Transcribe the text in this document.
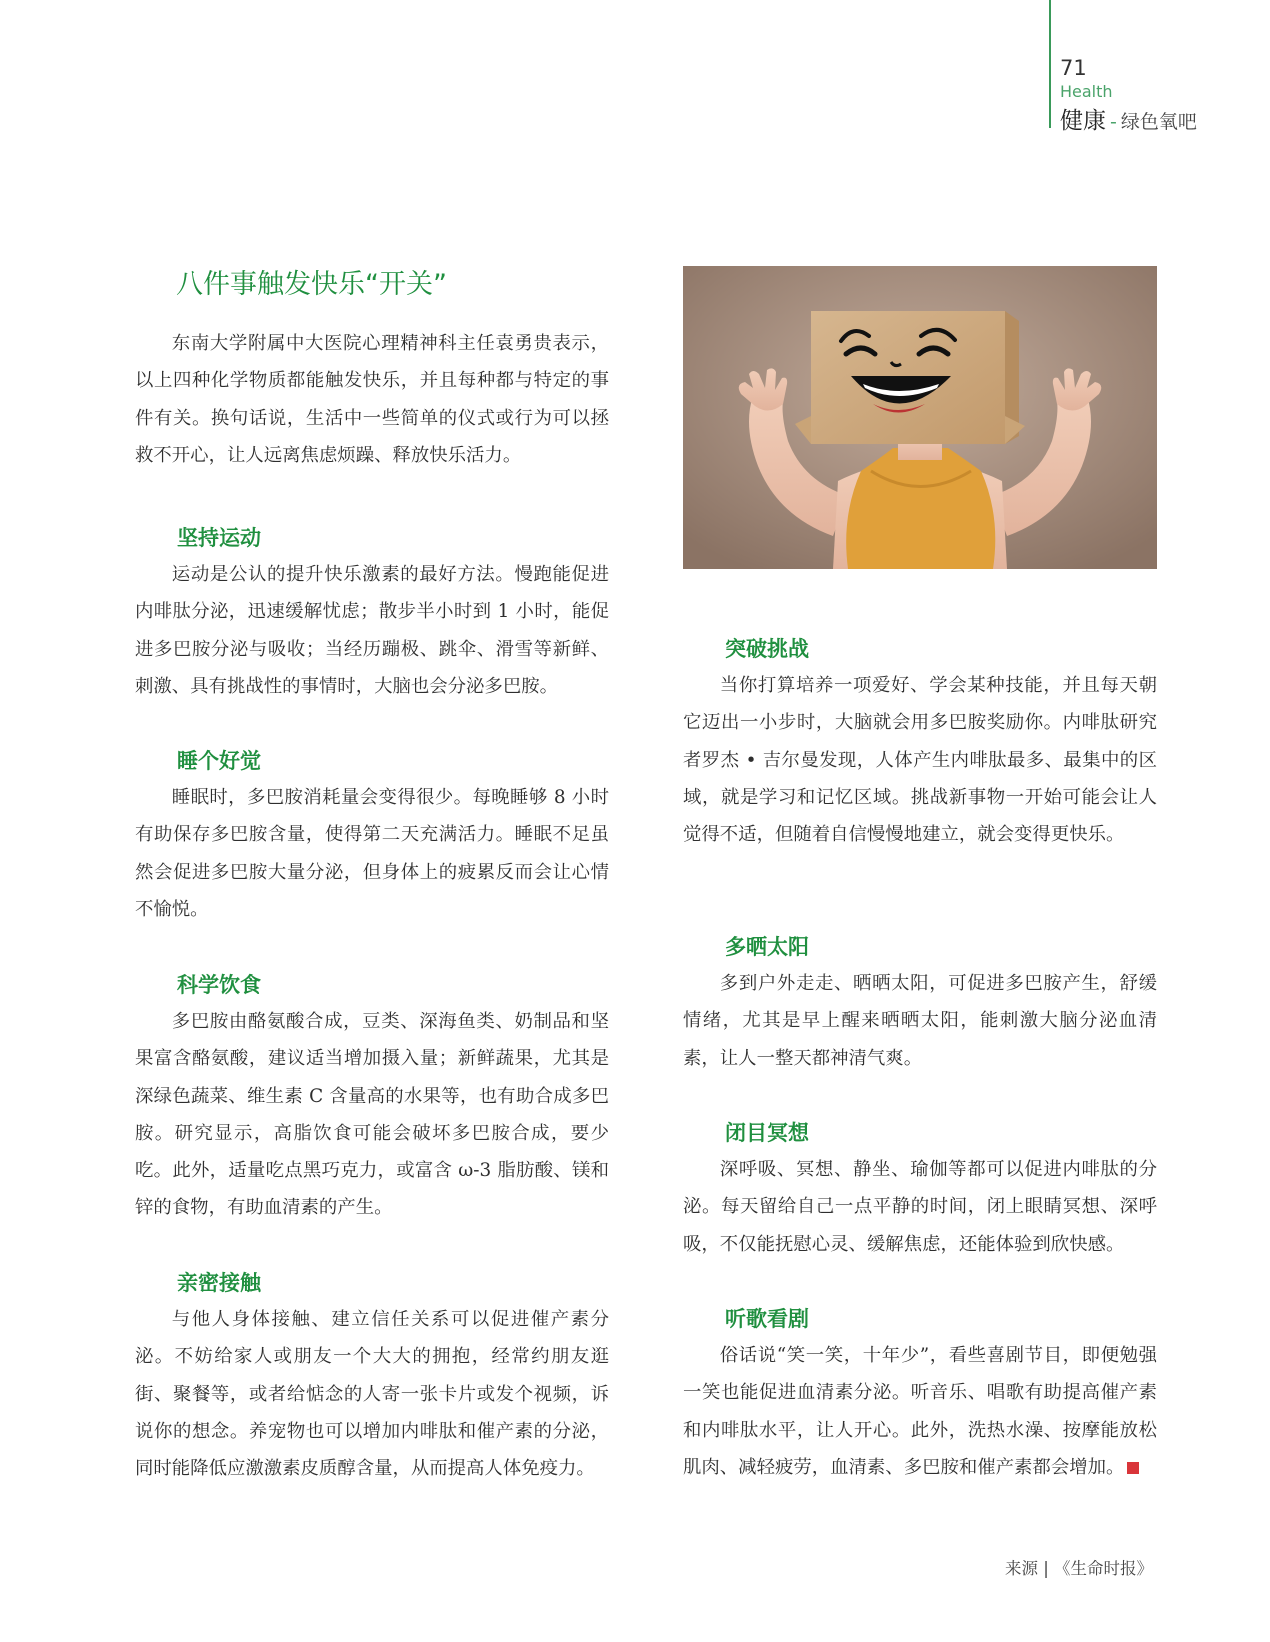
71
Health
健康 - 绿色氧吧
八件事触发快乐“开关”

东南大学附属中大医院心理精神科主任袁勇贵表示，以上四种化学物质都能触发快乐，并且每种都与特定的事件有关。换句话说，生活中一些简单的仪式或行为可以拯救不开心，让人远离焦虑烦躁、释放快乐活力。

坚持运动

运动是公认的提升快乐激素的最好方法。慢跑能促进内啡肽分泌，迅速缓解忧虑；散步半小时到 1 小时，能促进多巴胺分泌与吸收；当经历蹦极、跳伞、滑雪等新鲜、刺激、具有挑战性的事情时，大脑也会分泌多巴胺。

睡个好觉

睡眠时，多巴胺消耗量会变得很少。每晚睡够 8 小时有助保存多巴胺含量，使得第二天充满活力。睡眠不足虽然会促进多巴胺大量分泌，但身体上的疲累反而会让心情不愉悦。

科学饮食

多巴胺由酪氨酸合成，豆类、深海鱼类、奶制品和坚果富含酪氨酸，建议适当增加摄入量；新鲜蔬果，尤其是深绿色蔬菜、维生素 C 含量高的水果等，也有助合成多巴胺。研究显示，高脂饮食可能会破坏多巴胺合成，要少吃。此外，适量吃点黑巧克力，或富含 ω-3 脂肪酸、镁和锌的食物，有助血清素的产生。

亲密接触

与他人身体接触、建立信任关系可以促进催产素分泌。不妨给家人或朋友一个大大的拥抱，经常约朋友逛街、聚餐等，或者给惦念的人寄一张卡片或发个视频，诉说你的想念。养宠物也可以增加内啡肽和催产素的分泌，同时能降低应激激素皮质醇含量，从而提高人体免疫力。

突破挑战

当你打算培养一项爱好、学会某种技能，并且每天朝它迈出一小步时，大脑就会用多巴胺奖励你。内啡肽研究者罗杰 • 吉尔曼发现，人体产生内啡肽最多、最集中的区域，就是学习和记忆区域。挑战新事物一开始可能会让人觉得不适，但随着自信慢慢地建立，就会变得更快乐。

多晒太阳

多到户外走走、晒晒太阳，可促进多巴胺产生，舒缓情绪，尤其是早上醒来晒晒太阳，能刺激大脑分泌血清素，让人一整天都神清气爽。

闭目冥想

深呼吸、冥想、静坐、瑜伽等都可以促进内啡肽的分泌。每天留给自己一点平静的时间，闭上眼睛冥想、深呼吸，不仅能抚慰心灵、缓解焦虑，还能体验到欣快感。

听歌看剧

俗话说“笑一笑，十年少”，看些喜剧节目，即便勉强一笑也能促进血清素分泌。听音乐、唱歌有助提高催产素和内啡肽水平，让人开心。此外，洗热水澡、按摩能放松肌肉、减轻疲劳，血清素、多巴胺和催产素都会增加。

来源 | 《生命时报》
